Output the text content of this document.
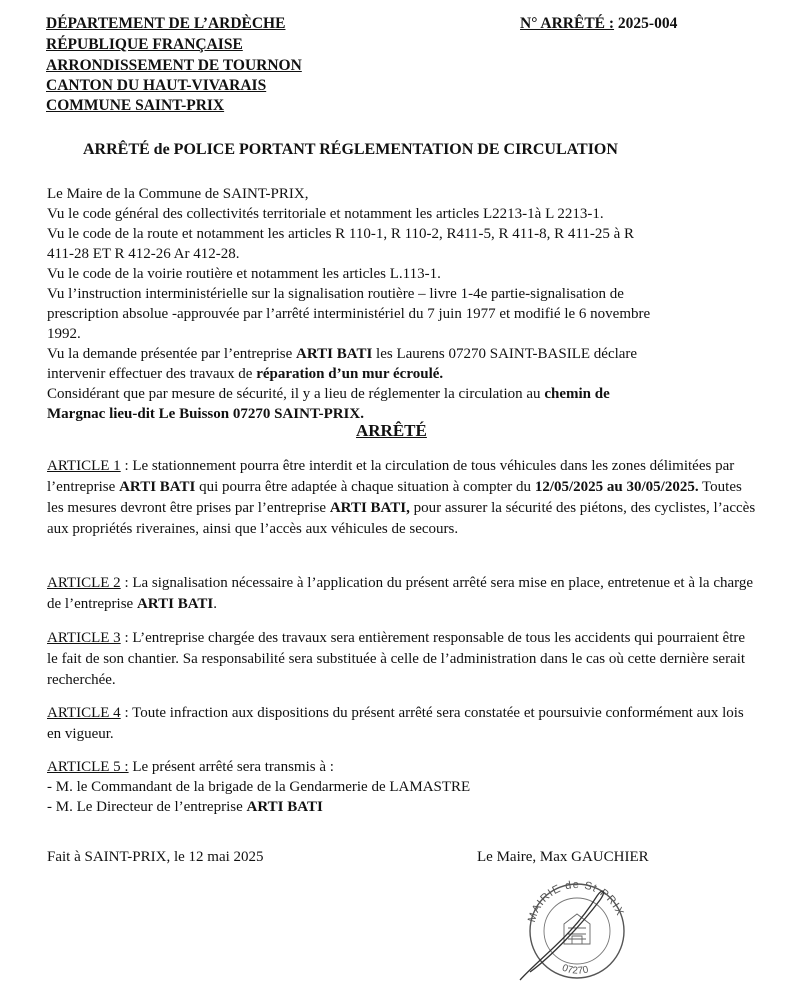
DÉPARTEMENT DE L’ARDÈCHE
RÉPUBLIQUE FRANÇAISE
ARRONDISSEMENT DE TOURNON
CANTON DU HAUT-VIVARAIS
COMMUNE SAINT-PRIX
N° ARRÊTÉ : 2025-004
ARRÊTÉ de POLICE PORTANT RÉGLEMENTATION DE CIRCULATION
Le Maire de la Commune de SAINT-PRIX,
Vu le code général des collectivités territoriale et notamment les articles L2213-1à L 2213-1.
Vu le code de la route et notamment les articles R 110-1, R 110-2, R411-5, R 411-8, R 411-25 à R
411-28 ET R 412-26 Ar 412-28.
Vu le code de la voirie routière et notamment les articles L.113-1.
Vu l’instruction interministérielle sur la signalisation routière – livre 1-4e partie-signalisation de
prescription absolue -approuvée par l’arrêté interministériel du 7 juin 1977 et modifié le 6 novembre
1992.
Vu la demande présentée par l’entreprise ARTI BATI les Laurens 07270 SAINT-BASILE déclare
intervenir effectuer des travaux de réparation d’un mur écroulé.
Considérant que par mesure de sécurité, il y a lieu de réglementer la circulation au chemin de
Margnac lieu-dit Le Buisson 07270 SAINT-PRIX.
ARRÊTÉ
ARTICLE 1 : Le stationnement pourra être interdit et la circulation de tous véhicules dans les zones délimitées par l’entreprise ARTI BATI qui pourra être adaptée à chaque situation à compter du 12/05/2025 au 30/05/2025. Toutes les mesures devront être prises par l’entreprise ARTI BATI, pour assurer la sécurité des piétons, des cyclistes, l’accès aux propriétés riveraines, ainsi que l’accès aux véhicules de secours.
ARTICLE 2 : La signalisation nécessaire à l’application du présent arrêté sera mise en place, entretenue et à la charge de l’entreprise ARTI BATI.
ARTICLE 3 : L’entreprise chargée des travaux sera entièrement responsable de tous les accidents qui pourraient être le fait de son chantier. Sa responsabilité sera substituée à celle de l’administration dans le cas où cette dernière serait recherchée.
ARTICLE 4 : Toute infraction aux dispositions du présent arrêté sera constatée et poursuivie conformément aux lois en vigueur.
ARTICLE 5 : Le présent arrêté sera transmis à :
- M. le Commandant de la brigade de la Gendarmerie de LAMASTRE
- M. Le Directeur de l’entreprise ARTI BATI
Fait à SAINT-PRIX, le 12 mai 2025	Le Maire, Max GAUCHIER
MAIRIE de St PRIX
07270
